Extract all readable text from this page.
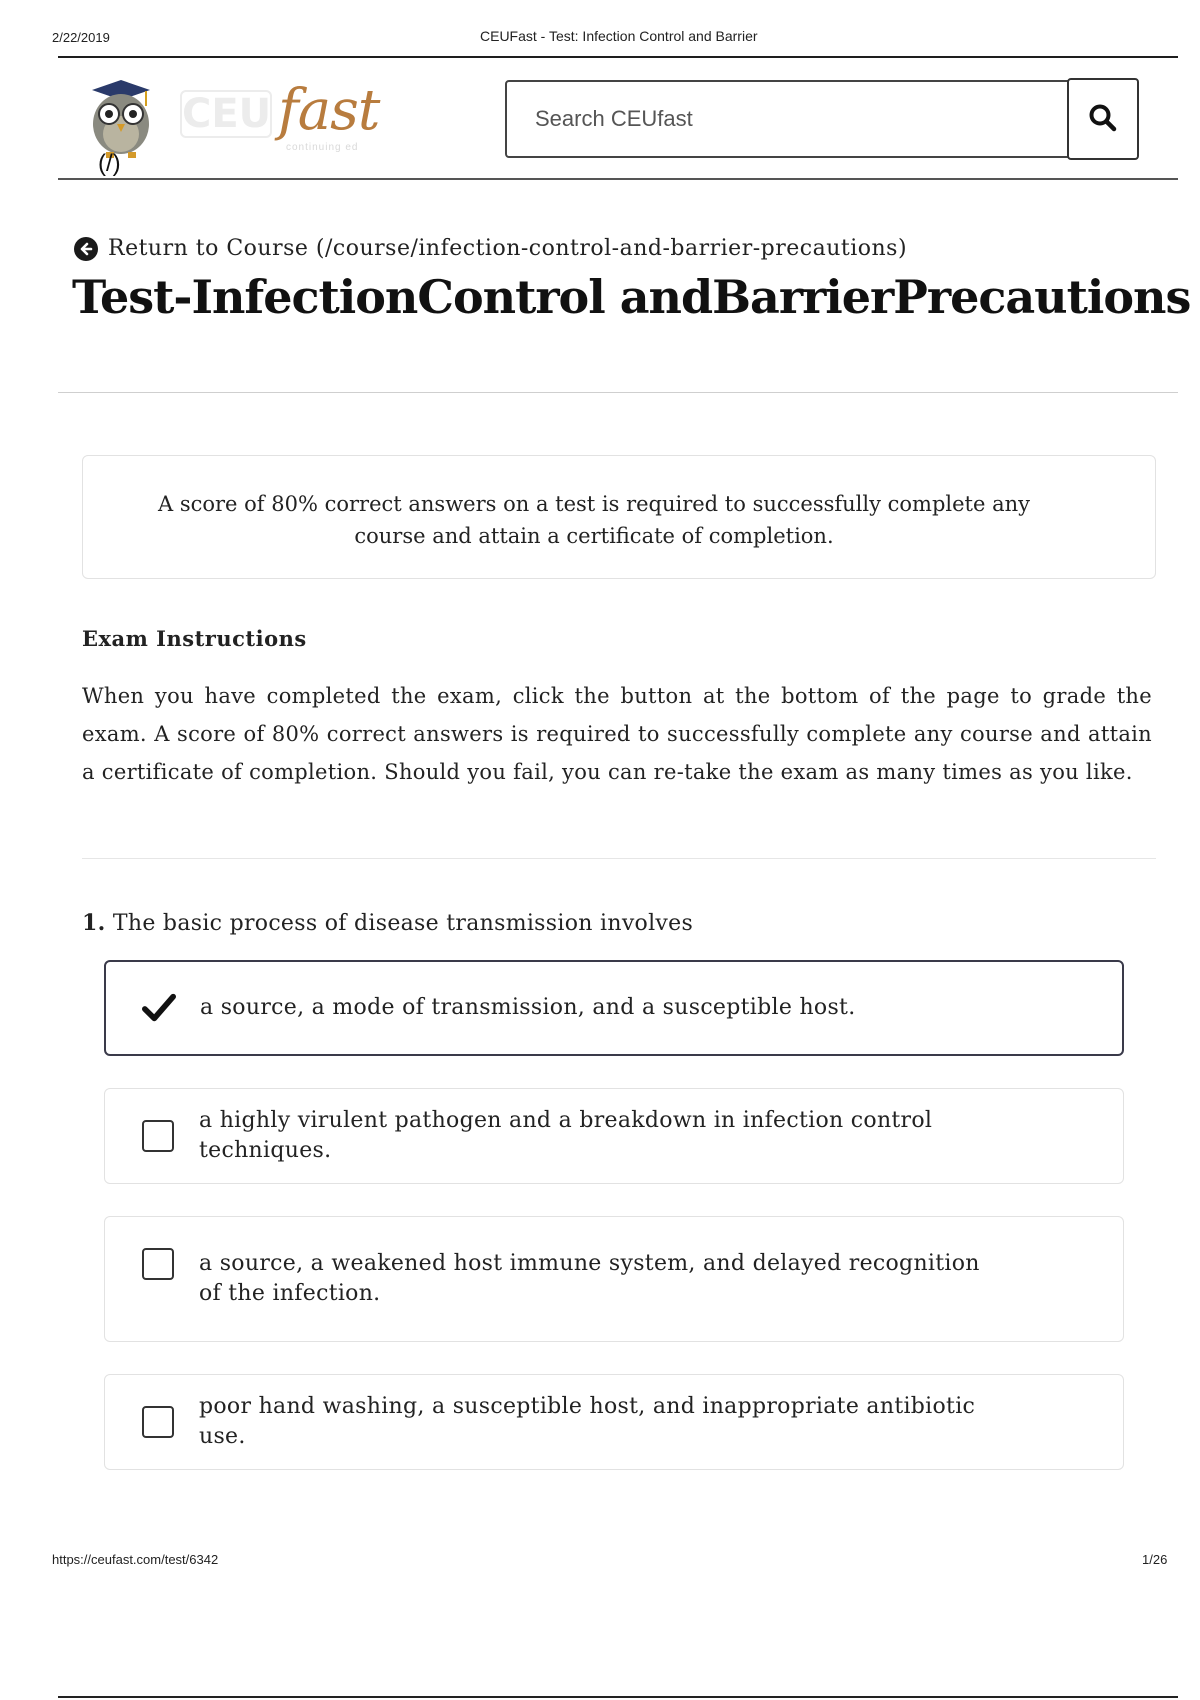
2/22/2019	CEUFast - Test: Infection Control and Barrier
CEU fast
continuing ed
(/)
Search CEUfast
Return to Course (/course/infection-control-and-barrier-precautions)
Test-InfectionControl andBarrierPrecautions
A score of 80% correct answers on a test is required to successfully complete any course and attain a certificate of completion.
Exam Instructions

When you have completed the exam, click the button at the bottom of the page to grade the exam. A score of 80% correct answers is required to successfully complete any course and attain a certificate of completion. Should you fail, you can re-take the exam as many times as you like.

1. The basic process of disease transmission involves
a source, a mode of transmission, and a susceptible host.
a highly virulent pathogen and a breakdown in infection control techniques.
a source, a weakened host immune system, and delayed recognition of the infection.
poor hand washing, a susceptible host, and inappropriate antibiotic use.
https://ceufast.com/test/6342	1/26
